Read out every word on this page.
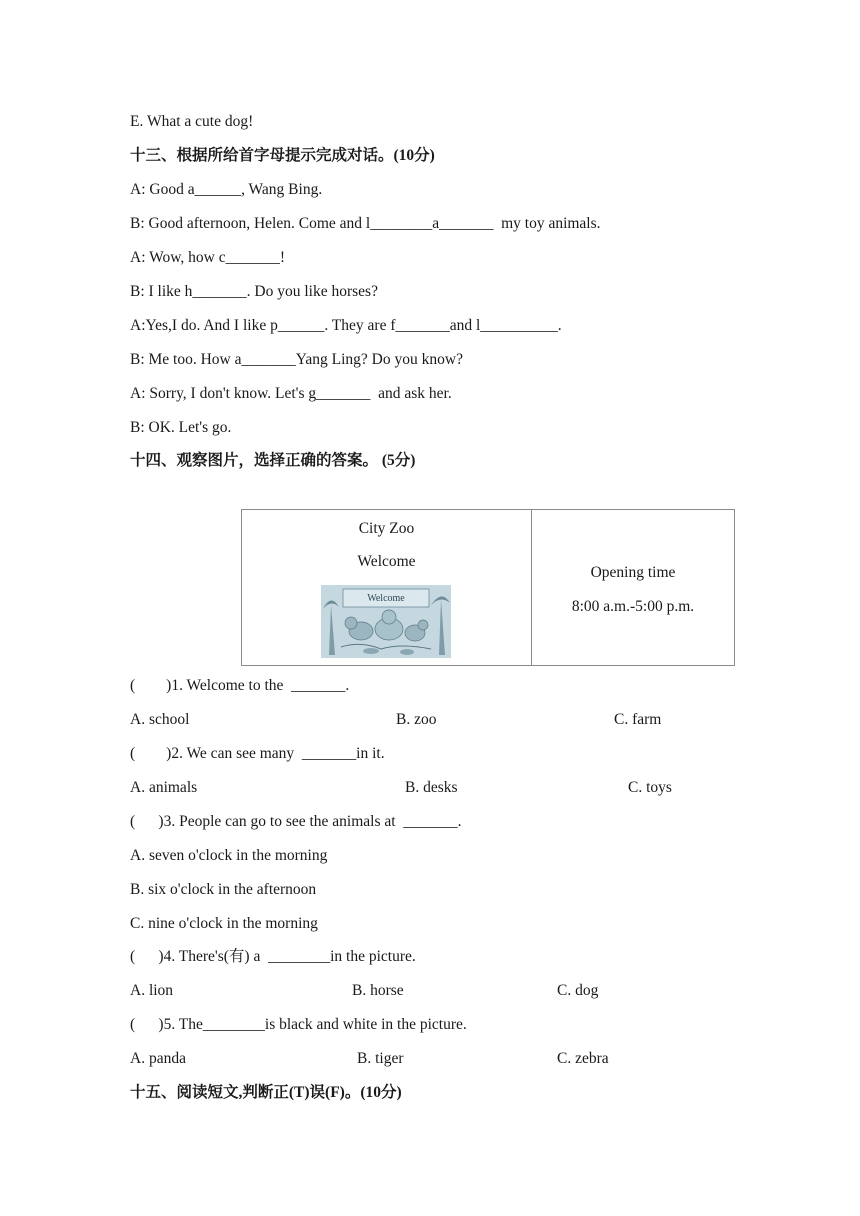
E. What a cute dog!
十三、根据所给首字母提示完成对话。(10分)
A: Good a______, Wang Bing.
B: Good afternoon, Helen. Come and l________a_______  my toy animals.
A: Wow, how c_______!
B: I like h_______. Do you like horses?
A:Yes,I do. And I like p______. They are f_______and l__________.
B: Me too. How a_______Yang Ling? Do you know?
A: Sorry, I don't know. Let's g_______  and ask her.
B: OK. Let's go.
十四、观察图片，选择正确的答案。 (5分)
City Zoo
Welcome
Welcome
Opening time
8:00 a.m.-5:00 p.m.
(        )1. Welcome to the  _______.
A. school	B. zoo	C. farm
(        )2. We can see many  _______in it.
A. animals	B. desks	C. toys
(      )3. People can go to see the animals at  _______.
A. seven o'clock in the morning
B. six o'clock in the afternoon
C. nine o'clock in the morning
(      )4. There's(有) a  ________in the picture.
A. lion	B. horse	C. dog
(      )5. The________is black and white in the picture.
A. panda	B. tiger	C. zebra
十五、阅读短文,判断正(T)误(F)。(10分)
